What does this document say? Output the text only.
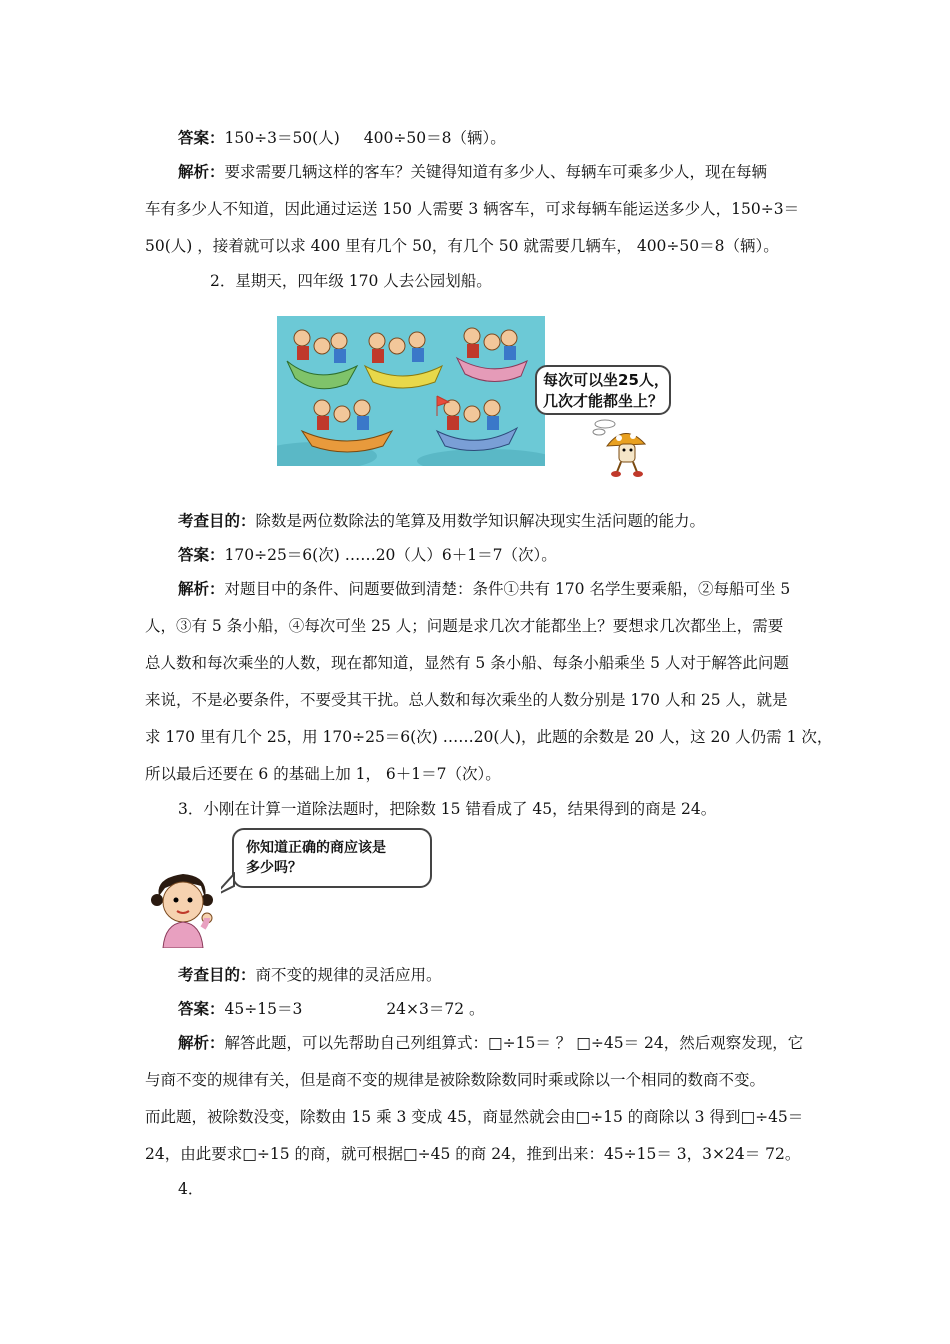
答案：150÷3＝50(人) 400÷50＝8（辆）。
解析：要求需要几辆这样的客车？关键得知道有多少人、每辆车可乘多少人，现在每辆
车有多少人不知道，因此通过运送 150 人需要 3 辆客车，可求每辆车能运送多少人，150÷3＝
50(人) ，接着就可以求 400 里有几个 50，有几个 50 就需要几辆车， 400÷50＝8（辆）。
2．星期天，四年级 170 人去公园划船。
每次可以坐25人，
几次才能都坐上？
考查目的：除数是两位数除法的笔算及用数学知识解决现实生活问题的能力。
答案：170÷25＝6(次) ……20（人）6＋1＝7（次）。
解析：对题目中的条件、问题要做到清楚：条件①共有 170 名学生要乘船，②每船可坐 5
人，③有 5 条小船，④每次可坐 25 人；问题是求几次才能都坐上？要想求几次都坐上，需要
总人数和每次乘坐的人数，现在都知道，显然有 5 条小船、每条小船乘坐 5 人对于解答此问题
来说，不是必要条件，不要受其干扰。总人数和每次乘坐的人数分别是 170 人和 25 人，就是
求 170 里有几个 25，用 170÷25＝6(次) ……20(人)，此题的余数是 20 人，这 20 人仍需 1 次，
所以最后还要在 6 的基础上加 1， 6＋1＝7（次）。
3．小刚在计算一道除法题时，把除数 15 错看成了 45，结果得到的商是 24。
你知道正确的商应该是
多少吗？
考查目的：商不变的规律的灵活应用。
答案：45÷15＝3	24×3＝72 。
解析：解答此题，可以先帮助自己列组算式：□÷15＝ ？ □÷45＝ 24，然后观察发现，它
与商不变的规律有关，但是商不变的规律是被除数除数同时乘或除以一个相同的数商不变。
而此题，被除数没变，除数由 15 乘 3 变成 45，商显然就会由□÷15 的商除以 3 得到□÷45＝
24，由此要求□÷15 的商，就可根据□÷45 的商 24，推到出来：45÷15＝ 3，3×24＝ 72。
4．
